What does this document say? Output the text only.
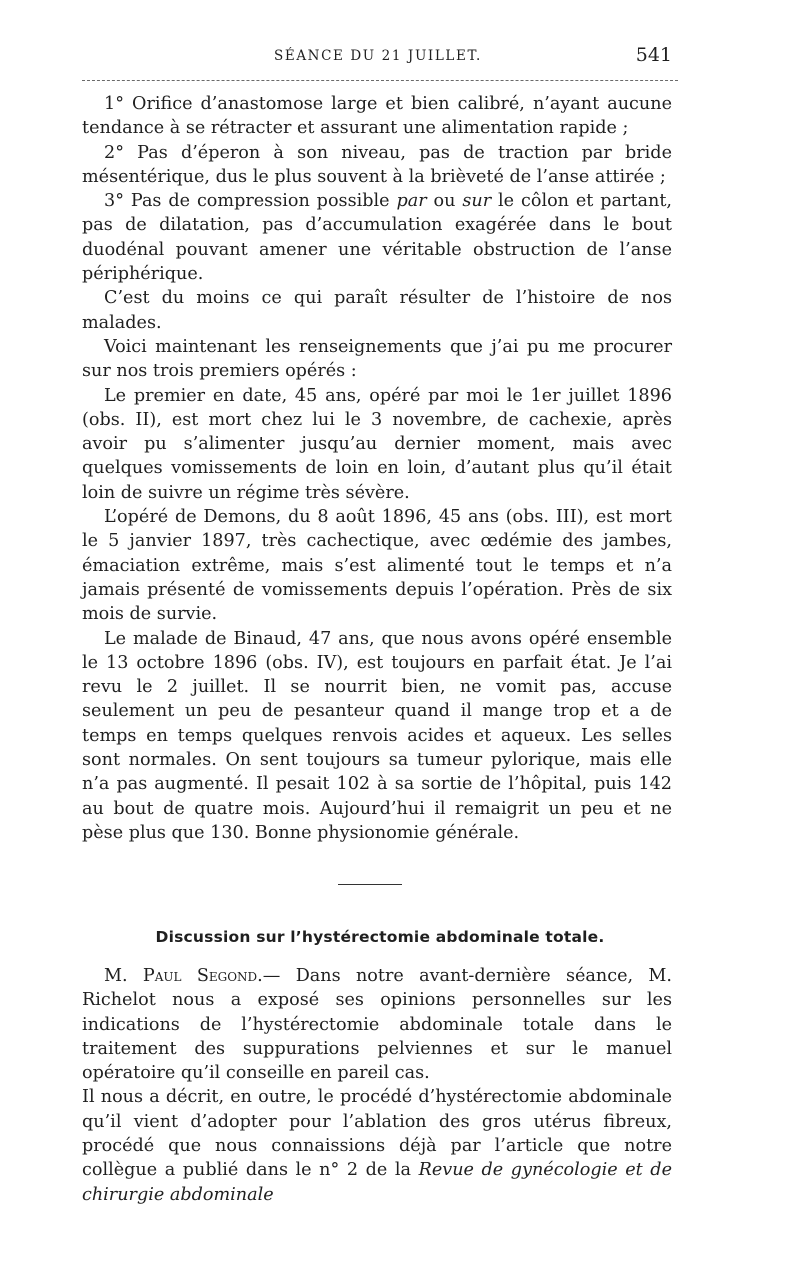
SÉANCE DU 21 JUILLET.	541

1° Orifice d’anastomose large et bien calibré, n’ayant aucune tendance à se rétracter et assurant une alimentation rapide ;

2° Pas d’éperon à son niveau, pas de traction par bride mésentérique, dus le plus souvent à la brièveté de l’anse attirée ;

3° Pas de compression possible par ou sur le côlon et partant, pas de dilatation, pas d’accumulation exagérée dans le bout duodénal pouvant amener une véritable obstruction de l’anse périphérique.

C’est du moins ce qui paraît résulter de l’histoire de nos malades.

Voici maintenant les renseignements que j’ai pu me procurer sur nos trois premiers opérés :

Le premier en date, 45 ans, opéré par moi le 1er juillet 1896 (obs. II), est mort chez lui le 3 novembre, de cachexie, après avoir pu s’alimenter jusqu’au dernier moment, mais avec quelques vomissements de loin en loin, d’autant plus qu’il était loin de suivre un régime très sévère.

L’opéré de Demons, du 8 août 1896, 45 ans (obs. III), est mort le 5 janvier 1897, très cachectique, avec œdémie des jambes, émaciation extrême, mais s’est alimenté tout le temps et n’a jamais présenté de vomissements depuis l’opération. Près de six mois de survie.

Le malade de Binaud, 47 ans, que nous avons opéré ensemble le 13 octobre 1896 (obs. IV), est toujours en parfait état. Je l’ai revu le 2 juillet. Il se nourrit bien, ne vomit pas, accuse seulement un peu de pesanteur quand il mange trop et a de temps en temps quelques renvois acides et aqueux. Les selles sont normales. On sent toujours sa tumeur pylorique, mais elle n’a pas augmenté. Il pesait 102 à sa sortie de l’hôpital, puis 142 au bout de quatre mois. Aujourd’hui il remaigrit un peu et ne pèse plus que 130. Bonne physionomie générale.

Discussion sur l’hystérectomie abdominale totale.

M. Paul Segond.— Dans notre avant-dernière séance, M. Richelot nous a exposé ses opinions personnelles sur les indications de l’hystérectomie abdominale totale dans le traitement des suppurations pelviennes et sur le manuel opératoire qu’il conseille en pareil cas.

Il nous a décrit, en outre, le procédé d’hystérectomie abdominale qu’il vient d’adopter pour l’ablation des gros utérus fibreux, procédé que nous connaissions déjà par l’article que notre collègue a publié dans le n° 2 de la Revue de gynécologie et de chirurgie abdominale
